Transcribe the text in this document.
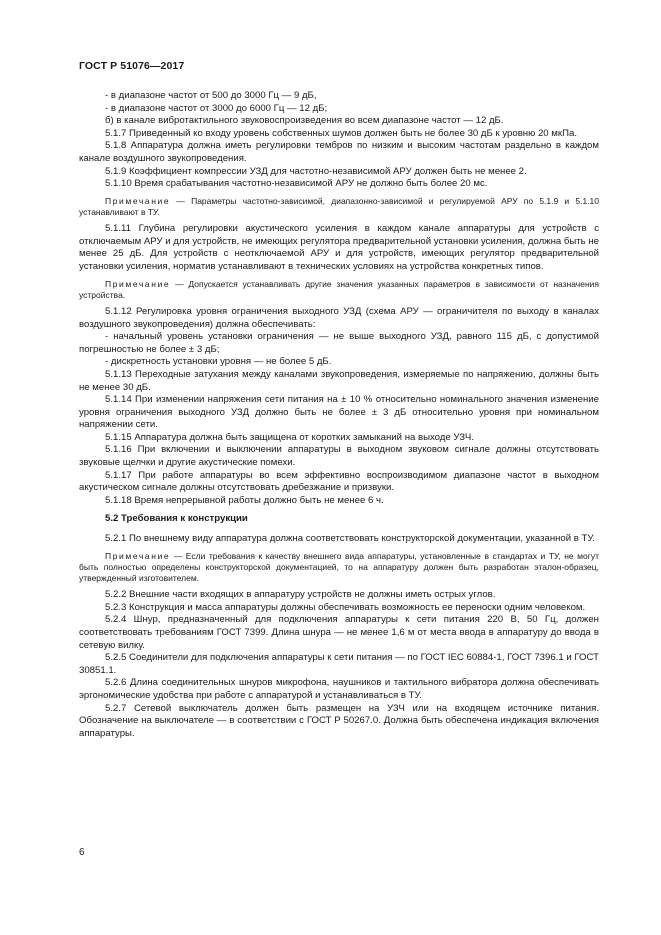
ГОСТ Р 51076—2017

- в диапазоне частот от 500 до 3000 Гц — 9 дБ,

- в диапазоне частот от 3000 до 6000 Гц — 12 дБ;

б) в канале вибротактильного звуковоспроизведения во всем диапазоне частот — 12 дБ.

5.1.7 Приведенный ко входу уровень собственных шумов должен быть не более 30 дБ к уровню 20 мкПа.

5.1.8 Аппаратура должна иметь регулировки тембров по низким и высоким частотам раздельно в каждом канале воздушного звукопроведения.

5.1.9 Коэффициент компрессии УЗД для частотно-независимой АРУ должен быть не менее 2.

5.1.10 Время срабатывания частотно-независимой АРУ не должно быть более 20 мс.

Примечание — Параметры частотно-зависимой, диапазонно-зависимой и регулируемой АРУ по 5.1.9 и 5.1.10 устанавливают в ТУ.

5.1.11 Глубина регулировки акустического усиления в каждом канале аппаратуры для устройств с отключаемым АРУ и для устройств, не имеющих регулятора предварительной установки усиления, должна быть не менее 25 дБ. Для устройств с неотключаемой АРУ и для устройств, имеющих регулятор предварительной установки усиления, норматив устанавливают в технических условиях на устройства конкретных типов.

Примечание — Допускается устанавливать другие значения указанных параметров в зависимости от назначения устройства.

5.1.12 Регулировка уровня ограничения выходного УЗД (схема АРУ — ограничителя по выходу в каналах воздушного звукопроведения) должна обеспечивать:

- начальный уровень установки ограничения — не выше выходного УЗД, равного 115 дБ, с допустимой погрешностью не более ± 3 дБ;

- дискретность установки уровня — не более 5 дБ.

5.1.13 Переходные затухания между каналами звукопроведения, измеряемые по напряжению, должны быть не менее 30 дБ.

5.1.14 При изменении напряжения сети питания на ± 10 % относительно номинального значения изменение уровня ограничения выходного УЗД должно быть не более ± 3 дБ относительно уровня при номинальном напряжении сети.

5.1.15 Аппаратура должна быть защищена от коротких замыканий на выходе УЗЧ.

5.1.16 При включении и выключении аппаратуры в выходном звуковом сигнале должны отсутствовать звуковые щелчки и другие акустические помехи.

5.1.17 При работе аппаратуры во всем эффективно воспроизводимом диапазоне частот в выходном акустическом сигнале должны отсутствовать дребезжание и призвуки.

5.1.18 Время непрерывной работы должно быть не менее 6 ч.

5.2 Требования к конструкции

5.2.1 По внешнему виду аппаратура должна соответствовать конструкторской документации, указанной в ТУ.

Примечание — Если требования к качеству внешнего вида аппаратуры, установленные в стандартах и ТУ, не могут быть полностью определены конструкторской документацией, то на аппаратуру должен быть разработан эталон-образец, утвержденный изготовителем.

5.2.2 Внешние части входящих в аппаратуру устройств не должны иметь острых углов.

5.2.3 Конструкция и масса аппаратуры должны обеспечивать возможность ее переноски одним человеком.

5.2.4 Шнур, предназначенный для подключения аппаратуры к сети питания 220 В, 50 Гц, должен соответствовать требованиям ГОСТ 7399. Длина шнура — не менее 1,6 м от места ввода в аппаратуру до ввода в сетевую вилку.

5.2.5 Соединители для подключения аппаратуры к сети питания — по ГОСТ IEC 60884-1, ГОСТ 7396.1 и ГОСТ 30851.1.

5.2.6 Длина соединительных шнуров микрофона, наушников и тактильного вибратора должна обеспечивать эргономические удобства при работе с аппаратурой и устанавливаться в ТУ.

5.2.7 Сетевой выключатель должен быть размещен на УЗЧ или на входящем источнике питания. Обозначение на выключателе — в соответствии с ГОСТ Р 50267.0. Должна быть обеспечена индикация включения аппаратуры.

6
